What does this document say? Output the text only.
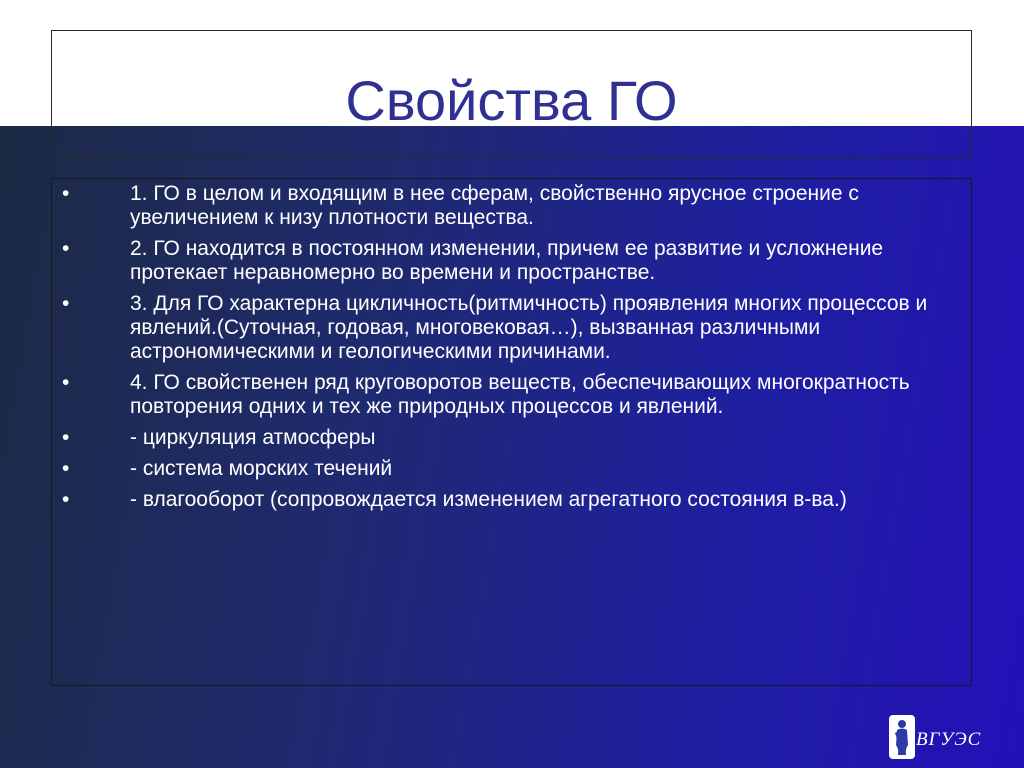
Свойства ГО
•	1. ГО в целом и входящим в нее сферам, свойственно ярусное строение с увеличением к низу плотности вещества.
•	2. ГО находится в постоянном изменении, причем ее развитие и усложнение протекает неравномерно во времени и пространстве.
•	3. Для ГО характерна цикличность(ритмичность) проявления многих процессов и явлений.(Суточная, годовая, многовековая…), вызванная различными астрономическими и геологическими причинами.
•	4. ГО свойственен ряд круговоротов веществ, обеспечивающих многократность повторения одних и тех же природных процессов и явлений.
•	- циркуляция атмосферы
•	- система морских течений
•	- влагооборот (сопровождается изменением агрегатного состояния в-ва.)
ВГУЭС
